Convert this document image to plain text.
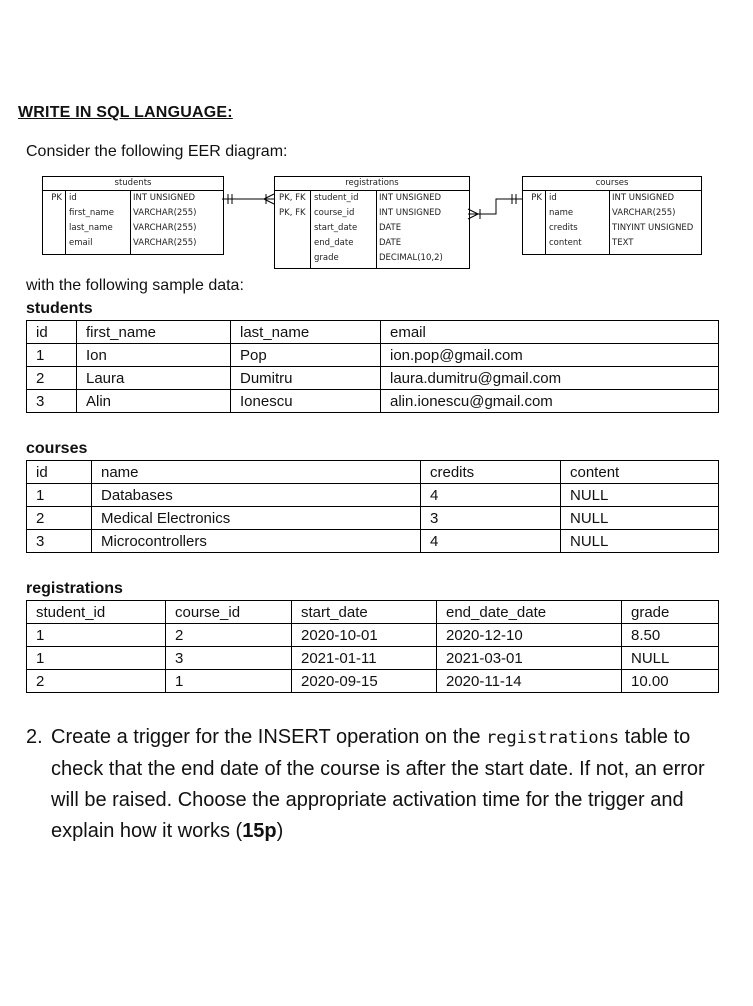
WRITE IN SQL LANGUAGE:
Consider the following EER diagram:
students
PK id	INT UNSIGNED
first_name VARCHAR(255)
last_name VARCHAR(255)
email	VARCHAR(255)
registrations
PK, FK student_id INT UNSIGNED
PK, FK course_id	INT UNSIGNED
start_date	DATE
end_date	DATE
grade	DECIMAL(10,2)
courses
PK id	INT UNSIGNED
name	VARCHAR(255)
credits	TINYINT UNSIGNED
content	TEXT
with the following sample data:
students
id	first_name	last_name	email
1	Ion	Pop	ion.pop@gmail.com
2	Laura	Dumitru	laura.dumitru@gmail.com
3	Alin	Ionescu	alin.ionescu@gmail.com
courses
id	name	credits	content
1	Databases	4	NULL
2	Medical Electronics	3	NULL
3	Microcontrollers	4	NULL
registrations
student_id	course_id	start_date	end_date_date	grade
1	2	2020-10-01	2020-12-10	8.50
1	3	2021-01-11	2021-03-01	NULL
2	1	2020-09-15	2020-11-14	10.00
2. Create a trigger for the INSERT operation on the registrations table to check that the end date of the course is after the start date. If not, an error will be raised. Choose the appropriate activation time for the trigger and explain how it works (15p)
